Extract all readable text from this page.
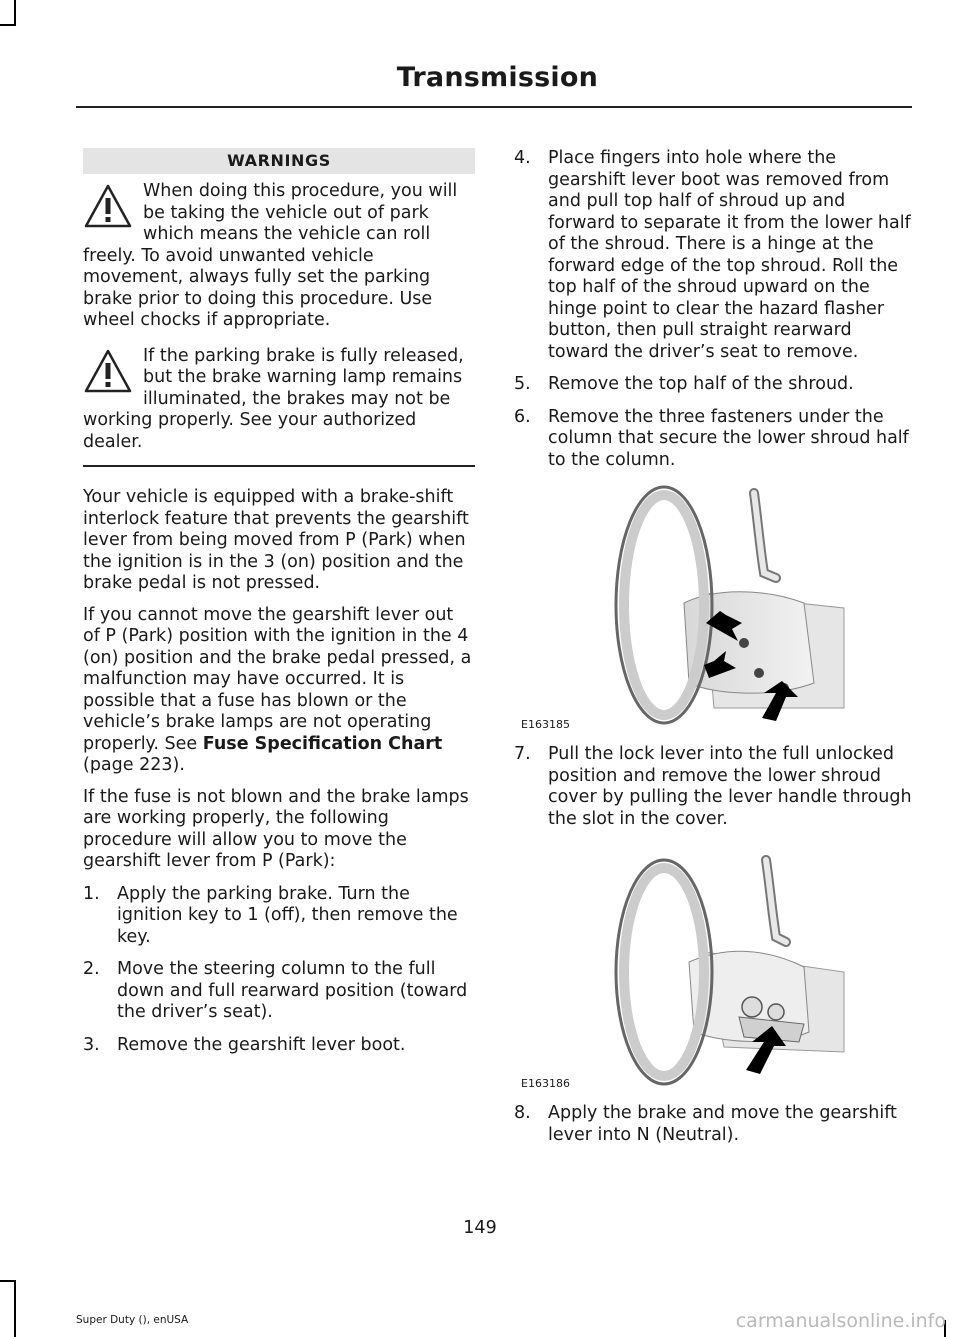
Transmission
WARNINGS
When doing this procedure, you will be taking the vehicle out of park which means the vehicle can roll freely. To avoid unwanted vehicle movement, always fully set the parking brake prior to doing this procedure. Use wheel chocks if appropriate.
If the parking brake is fully released, but the brake warning lamp remains illuminated, the brakes may not be working properly. See your authorized dealer.

Your vehicle is equipped with a brake-shift interlock feature that prevents the gearshift lever from being moved from P (Park) when the ignition is in the 3 (on) position and the brake pedal is not pressed.

If you cannot move the gearshift lever out of P (Park) position with the ignition in the 4 (on) position and the brake pedal pressed, a malfunction may have occurred. It is possible that a fuse has blown or the vehicle’s brake lamps are not operating properly. See Fuse Specification Chart (page 223).

If the fuse is not blown and the brake lamps are working properly, the following procedure will allow you to move the gearshift lever from P (Park):

1. Apply the parking brake. Turn the ignition key to 1 (off), then remove the key.
2. Move the steering column to the full down and full rearward position (toward the driver’s seat).
3. Remove the gearshift lever boot.
4. Place fingers into hole where the gearshift lever boot was removed from and pull top half of shroud up and forward to separate it from the lower half of the shroud. There is a hinge at the forward edge of the top shroud. Roll the top half of the shroud upward on the hinge point to clear the hazard flasher button, then pull straight rearward toward the driver’s seat to remove.
5. Remove the top half of the shroud.
6. Remove the three fasteners under the column that secure the lower shroud half to the column.
E163185
7. Pull the lock lever into the full unlocked position and remove the lower shroud cover by pulling the lever handle through the slot in the cover.
E163186
8. Apply the brake and move the gearshift lever into N (Neutral).
149
Super Duty (), enUSA	carmanualsonline.info
